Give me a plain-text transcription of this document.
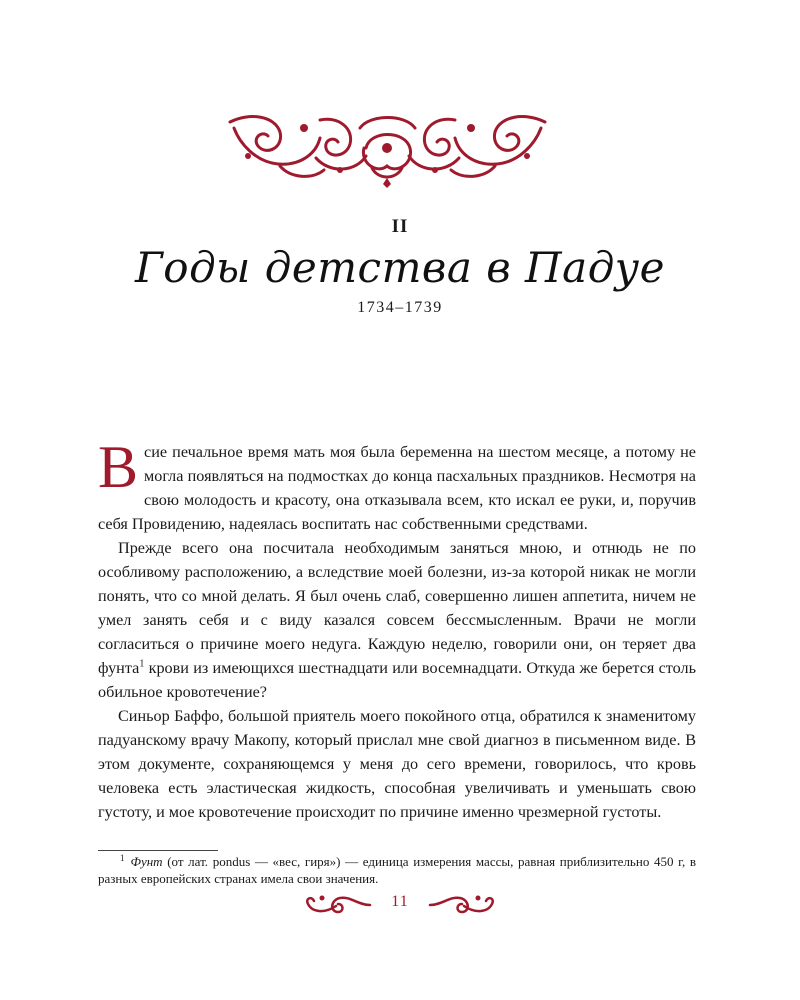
II
Годы детства в Падуе
1734–1739

В сие печальное время мать моя была беременна на шестом месяце, а потому не могла появляться на подмостках до конца пасхальных праздников. Несмотря на свою молодость и красоту, она отказывала всем, кто искал ее руки, и, поручив себя Провидению, надеялась воспитать нас собственными средствами.

Прежде всего она посчитала необходимым заняться мною, и отнюдь не по особливому расположению, а вследствие моей болезни, из-за которой никак не могли понять, что со мной делать. Я был очень слаб, совершенно лишен аппетита, ничем не умел занять себя и с виду казался совсем бессмысленным. Врачи не могли согласиться о причине моего недуга. Каждую неделю, говорили они, он теряет два фунта$^1$ крови из имеющихся шестнадцати или восемнадцати. Откуда же берется столь обильное кровотечение?

Синьор Баффо, большой приятель моего покойного отца, обратился к знаменитому падуанскому врачу Макопу, который прислал мне свой диагноз в письменном виде. В этом документе, сохраняющемся у меня до сего времени, говорилось, что кровь человека есть эластическая жидкость, способная увеличивать и уменьшать свою густоту, и мое кровотечение происходит по причине именно чрезмерной густоты.

$^1$ Фунт (от лат. pondus — «вес, гиря») — единица измерения массы, равная приблизительно 450 г, в разных европейских странах имела свои значения.
11
